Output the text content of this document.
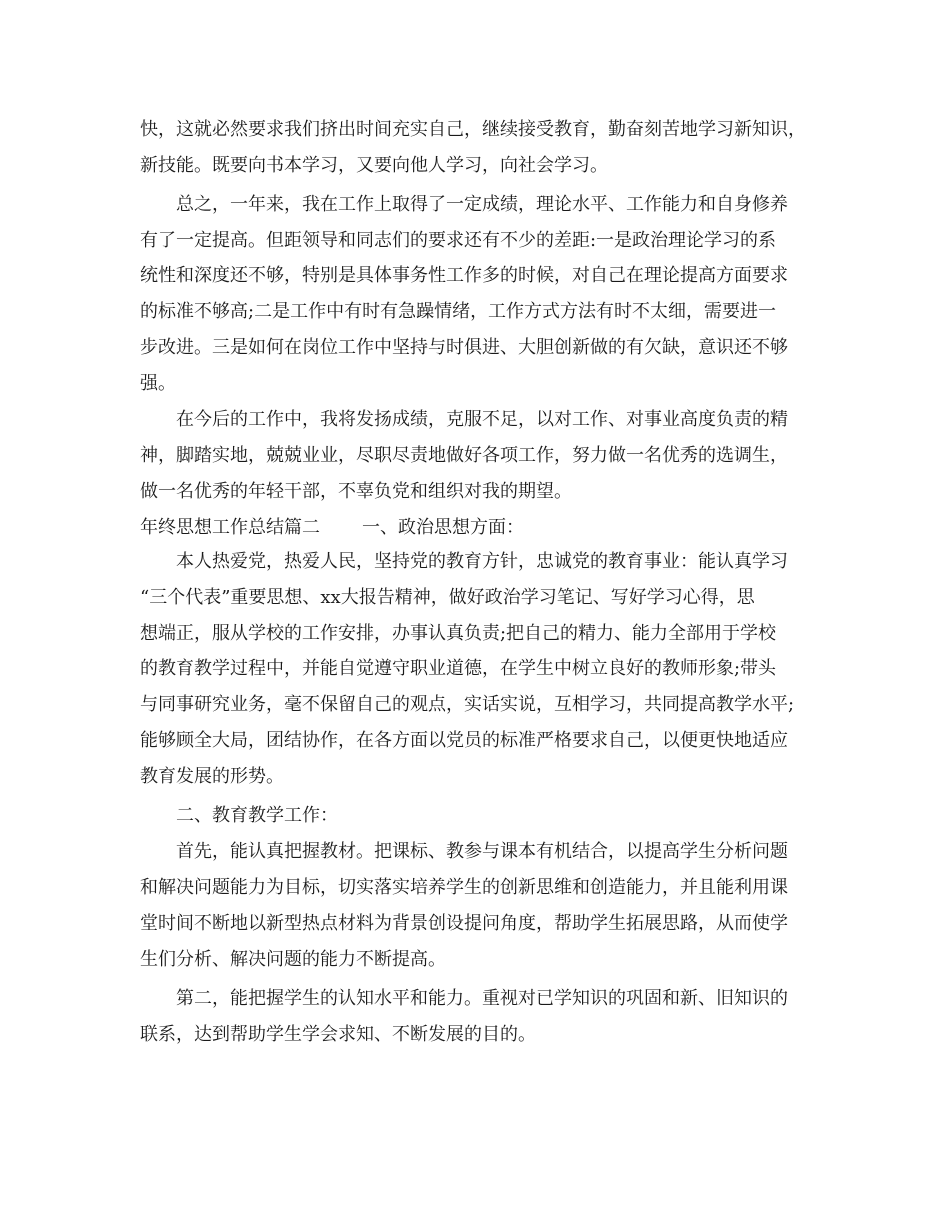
快，这就必然要求我们挤出时间充实自己，继续接受教育，勤奋刻苦地学习新知识，
新技能。既要向书本学习，又要向他人学习，向社会学习。
总之，一年来，我在工作上取得了一定成绩，理论水平、工作能力和自身修养
有了一定提高。但距领导和同志们的要求还有不少的差距:一是政治理论学习的系
统性和深度还不够，特别是具体事务性工作多的时候，对自己在理论提高方面要求
的标准不够高;二是工作中有时有急躁情绪，工作方式方法有时不太细，需要进一
步改进。三是如何在岗位工作中坚持与时俱进、大胆创新做的有欠缺，意识还不够
强。
在今后的工作中，我将发扬成绩，克服不足，以对工作、对事业高度负责的精
神，脚踏实地，兢兢业业，尽职尽责地做好各项工作，努力做一名优秀的选调生，
做一名优秀的年轻干部，不辜负党和组织对我的期望。
年终思想工作总结篇二 一、政治思想方面：
本人热爱党，热爱人民，坚持党的教育方针，忠诚党的教育事业：能认真学习
“三个代表”重要思想、xx大报告精神，做好政治学习笔记、写好学习心得，思
想端正，服从学校的工作安排，办事认真负责;把自己的精力、能力全部用于学校
的教育教学过程中，并能自觉遵守职业道德，在学生中树立良好的教师形象;带头
与同事研究业务，毫不保留自己的观点，实话实说，互相学习，共同提高教学水平;
能够顾全大局，团结协作，在各方面以党员的标准严格要求自己，以便更快地适应
教育发展的形势。
二、教育教学工作：
首先，能认真把握教材。把课标、教参与课本有机结合，以提高学生分析问题
和解决问题能力为目标，切实落实培养学生的创新思维和创造能力，并且能利用课
堂时间不断地以新型热点材料为背景创设提问角度，帮助学生拓展思路，从而使学
生们分析、解决问题的能力不断提高。
第二，能把握学生的认知水平和能力。重视对已学知识的巩固和新、旧知识的
联系，达到帮助学生学会求知、不断发展的目的。
